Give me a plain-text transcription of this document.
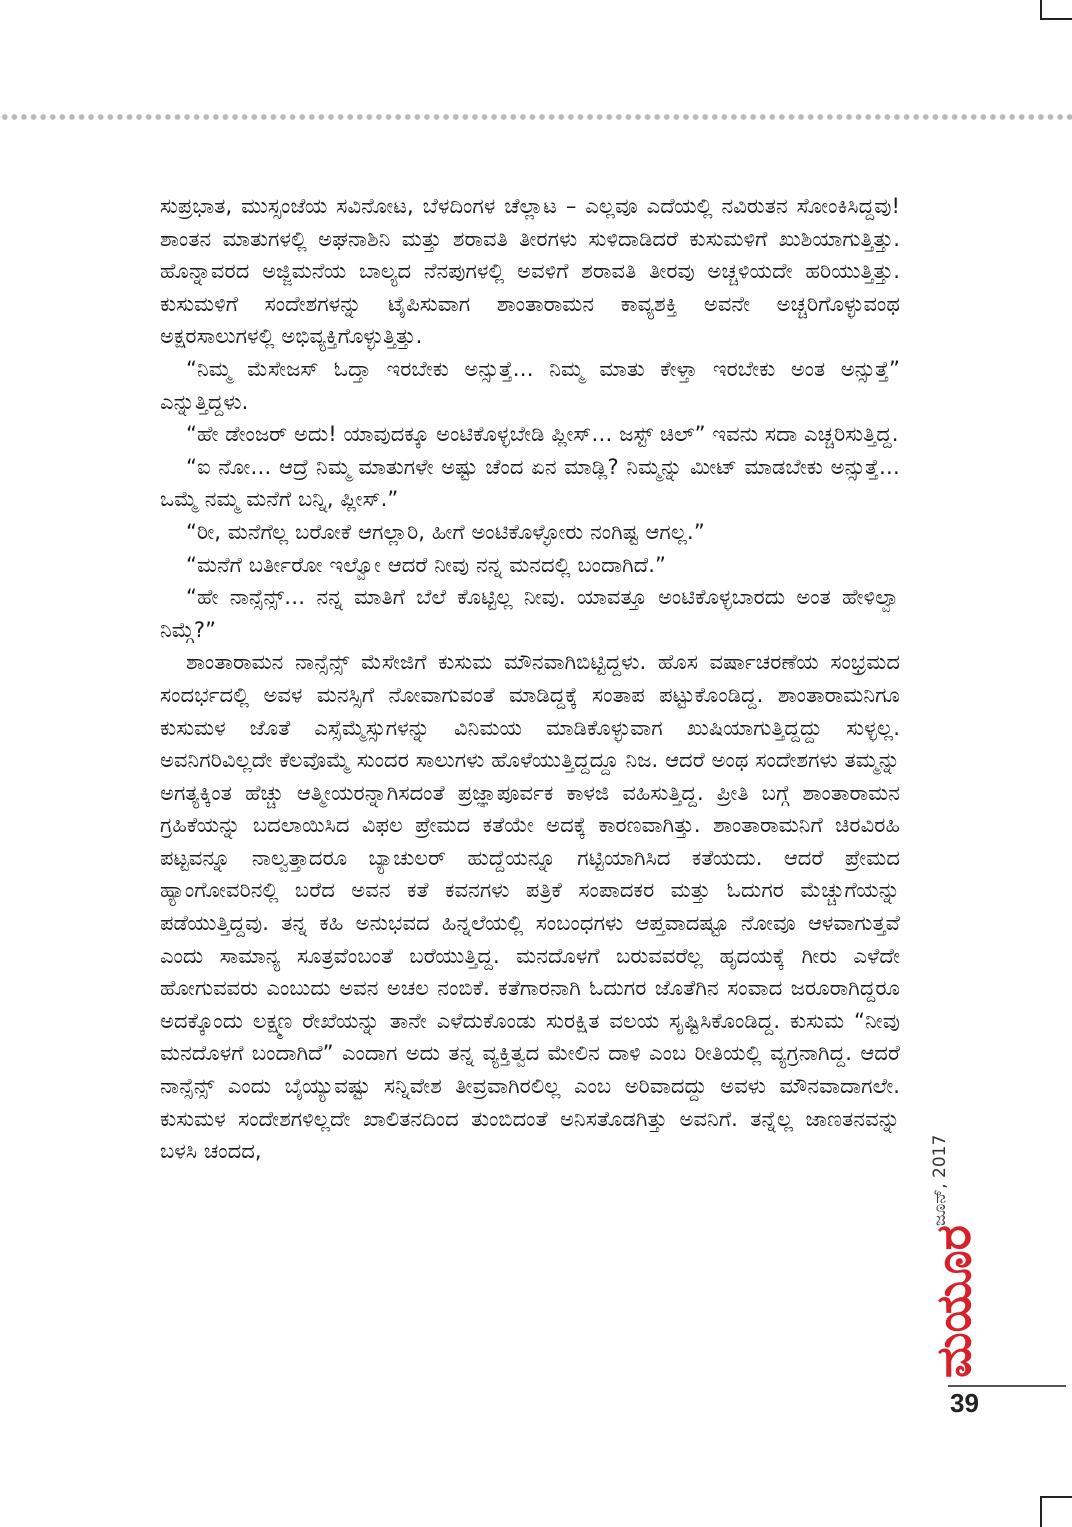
ಸುಪ್ರಭಾತ, ಮುಸ್ಸಂಜೆಯ ಸವಿನೋಟ, ಬೆಳದಿಂಗಳ ಚೆಲ್ಲಾಟ – ಎಲ್ಲವೂ ಎದೆಯಲ್ಲಿ ನವಿರುತನ ಸೋಂಕಿಸಿದ್ದವು! ಶಾಂತನ ಮಾತುಗಳಲ್ಲಿ ಅಘನಾಶಿನಿ ಮತ್ತು ಶರಾವತಿ ತೀರಗಳು ಸುಳಿದಾಡಿದರೆ ಕುಸುಮಳಿಗೆ ಖುಶಿಯಾಗುತ್ತಿತ್ತು. ಹೊನ್ನಾವರದ ಅಜ್ಜಿಮನೆಯ ಬಾಲ್ಯದ ನೆನಪುಗಳಲ್ಲಿ ಅವಳಿಗೆ ಶರಾವತಿ ತೀರವು ಅಚ್ಚಳಿಯದೇ ಹರಿಯುತ್ತಿತ್ತು. ಕುಸುಮಳಿಗೆ ಸಂದೇಶಗಳನ್ನು ಟೈಪಿಸುವಾಗ ಶಾಂತಾರಾಮನ ಕಾವ್ಯಶಕ್ತಿ ಅವನೇ ಅಚ್ಚರಿಗೊಳ್ಳುವಂಥ ಅಕ್ಷರಸಾಲುಗಳಲ್ಲಿ ಅಭಿವ್ಯಕ್ತಿಗೊಳ್ಳುತ್ತಿತ್ತು.

“ನಿಮ್ಮ ಮೆಸೇಜಸ್ ಓದ್ತಾ ಇರಬೇಕು ಅನ್ಸುತ್ತೆ… ನಿಮ್ಮ ಮಾತು ಕೇಳ್ತಾ ಇರಬೇಕು ಅಂತ ಅನ್ಸುತ್ತೆ” ಎನ್ನುತ್ತಿದ್ದಳು.

“ಹೇ ಡೇಂಜರ್ ಅದು! ಯಾವುದಕ್ಕೂ ಅಂಟಿಕೊಳ್ಳಬೇಡಿ ಪ್ಲೀಸ್… ಜಸ್ಟ್ ಚಿಲ್” ಇವನು ಸದಾ ಎಚ್ಚರಿಸುತ್ತಿದ್ದ.

“ಐ ನೋ… ಆದ್ರೆ ನಿಮ್ಮ ಮಾತುಗಳೇ ಅಷ್ಟು ಚೆಂದ ಏನ ಮಾಡ್ಲಿ? ನಿಮ್ಮನ್ನು ಮೀಟ್ ಮಾಡಬೇಕು ಅನ್ಸುತ್ತೆ… ಒಮ್ಮೆ ನಮ್ಮ ಮನೆಗೆ ಬನ್ನಿ, ಪ್ಲೀಸ್.”

“ರೀ, ಮನೆಗೆಲ್ಲ ಬರೋಕೆ ಆಗಲ್ಲಾರಿ, ಹೀಗೆ ಅಂಟಿಕೊಳ್ಳೋರು ನಂಗಿಷ್ಟ ಆಗಲ್ಲ.”

“ಮನೆಗೆ ಬರ್ತೀರೋ ಇಲ್ವೋ ಆದರೆ ನೀವು ನನ್ನ ಮನದಲ್ಲಿ ಬಂದಾಗಿದೆ.”

“ಹೇ ನಾನ್ಸೆನ್ಸ್… ನನ್ನ ಮಾತಿಗೆ ಬೆಲೆ ಕೊಟ್ಟಿಲ್ಲ ನೀವು. ಯಾವತ್ತೂ ಅಂಟಿಕೊಳ್ಳಬಾರದು ಅಂತ ಹೇಳಿಲ್ವಾ ನಿಮ್ಗೆ?”

ಶಾಂತಾರಾಮನ ನಾನ್ಸೆನ್ಸ್ ಮೆಸೇಜಿಗೆ ಕುಸುಮ ಮೌನವಾಗಿಬಿಟ್ಟಿದ್ದಳು. ಹೊಸ ವರ್ಷಾಚರಣೆಯ ಸಂಭ್ರಮದ ಸಂದರ್ಭದಲ್ಲಿ ಅವಳ ಮನಸ್ಸಿಗೆ ನೋವಾಗುವಂತೆ ಮಾಡಿದ್ದಕ್ಕೆ ಸಂತಾಪ ಪಟ್ಟುಕೊಂಡಿದ್ದ. ಶಾಂತಾರಾಮನಿಗೂ ಕುಸುಮಳ ಜೊತೆ ಎಸ್ಸೆಮ್ಮೆಸ್ಸುಗಳನ್ನು ವಿನಿಮಯ ಮಾಡಿಕೊಳ್ಳುವಾಗ ಖುಷಿಯಾಗುತ್ತಿದ್ದದ್ದು ಸುಳ್ಳಲ್ಲ. ಅವನಿಗರಿವಿಲ್ಲದೇ ಕೆಲವೊಮ್ಮೆ ಸುಂದರ ಸಾಲುಗಳು ಹೊಳೆಯುತ್ತಿದ್ದದ್ದೂ ನಿಜ. ಆದರೆ ಅಂಥ ಸಂದೇಶಗಳು ತಮ್ಮನ್ನು ಅಗತ್ಯಕ್ಕಿಂತ ಹೆಚ್ಚು ಆತ್ಮೀಯರನ್ನಾಗಿಸದಂತೆ ಪ್ರಜ್ಞಾಪೂರ್ವಕ ಕಾಳಜಿ ವಹಿಸುತ್ತಿದ್ದ. ಪ್ರೀತಿ ಬಗ್ಗೆ ಶಾಂತಾರಾಮನ ಗ್ರಹಿಕೆಯನ್ನು ಬದಲಾಯಿಸಿದ ವಿಫಲ ಪ್ರೇಮದ ಕತೆಯೇ ಅದಕ್ಕೆ ಕಾರಣವಾಗಿತ್ತು. ಶಾಂತಾರಾಮನಿಗೆ ಚಿರವಿರಹಿ ಪಟ್ಟವನ್ನೂ ನಾಲ್ವತ್ತಾದರೂ ಬ್ಯಾಚುಲರ್ ಹುದ್ದೆಯನ್ನೂ ಗಟ್ಟಿಯಾಗಿಸಿದ ಕತೆಯದು. ಆದರೆ ಪ್ರೇಮದ ಹ್ಯಾಂಗೋವರಿನಲ್ಲಿ ಬರೆದ ಅವನ ಕತೆ ಕವನಗಳು ಪತ್ರಿಕೆ ಸಂಪಾದಕರ ಮತ್ತು ಓದುಗರ ಮೆಚ್ಚುಗೆಯನ್ನು ಪಡೆಯುತ್ತಿದ್ದವು. ತನ್ನ ಕಹಿ ಅನುಭವದ ಹಿನ್ನಲೆಯಲ್ಲಿ ಸಂಬಂಧಗಳು ಆಪ್ತವಾದಷ್ಟೂ ನೋವೂ ಆಳವಾಗುತ್ತವೆ ಎಂದು ಸಾಮಾನ್ಯ ಸೂತ್ರವೆಂಬಂತೆ ಬರೆಯುತ್ತಿದ್ದ. ಮನದೊಳಗೆ ಬರುವವರೆಲ್ಲ ಹೃದಯಕ್ಕೆ ಗೀರು ಎಳೆದೇ ಹೋಗುವವರು ಎಂಬುದು ಅವನ ಅಚಲ ನಂಬಿಕೆ. ಕತೆಗಾರನಾಗಿ ಓದುಗರ ಜೊತೆಗಿನ ಸಂವಾದ ಜರೂರಾಗಿದ್ದರೂ ಅದಕ್ಕೊಂದು ಲಕ್ಷ್ಮಣ ರೇಖೆಯನ್ನು ತಾನೇ ಎಳೆದುಕೊಂಡು ಸುರಕ್ಷಿತ ವಲಯ ಸೃಷ್ಟಿಸಿಕೊಂಡಿದ್ದ. ಕುಸುಮ “ನೀವು ಮನದೊಳಗೆ ಬಂದಾಗಿದೆ” ಎಂದಾಗ ಅದು ತನ್ನ ವ್ಯಕ್ತಿತ್ವದ ಮೇಲಿನ ದಾಳಿ ಎಂಬ ರೀತಿಯಲ್ಲಿ ವ್ಯಗ್ರನಾಗಿದ್ದ. ಆದರೆ ನಾನ್ಸೆನ್ಸ್ ಎಂದು ಬೈಯ್ಯುವಷ್ಟು ಸನ್ನಿವೇಶ ತೀವ್ರವಾಗಿರಲಿಲ್ಲ ಎಂಬ ಅರಿವಾದದ್ದು ಅವಳು ಮೌನವಾದಾಗಲೇ. ಕುಸುಮಳ ಸಂದೇಶಗಳಿಲ್ಲದೇ ಖಾಲಿತನದಿಂದ ತುಂಬಿದಂತೆ ಅನಿಸತೊಡಗಿತ್ತು ಅವನಿಗೆ. ತನ್ನೆಲ್ಲ ಜಾಣತನವನ್ನು ಬಳಸಿ ಚಂದದ,	ಜೂನ್, 2017
ಮಯೂರ
39
